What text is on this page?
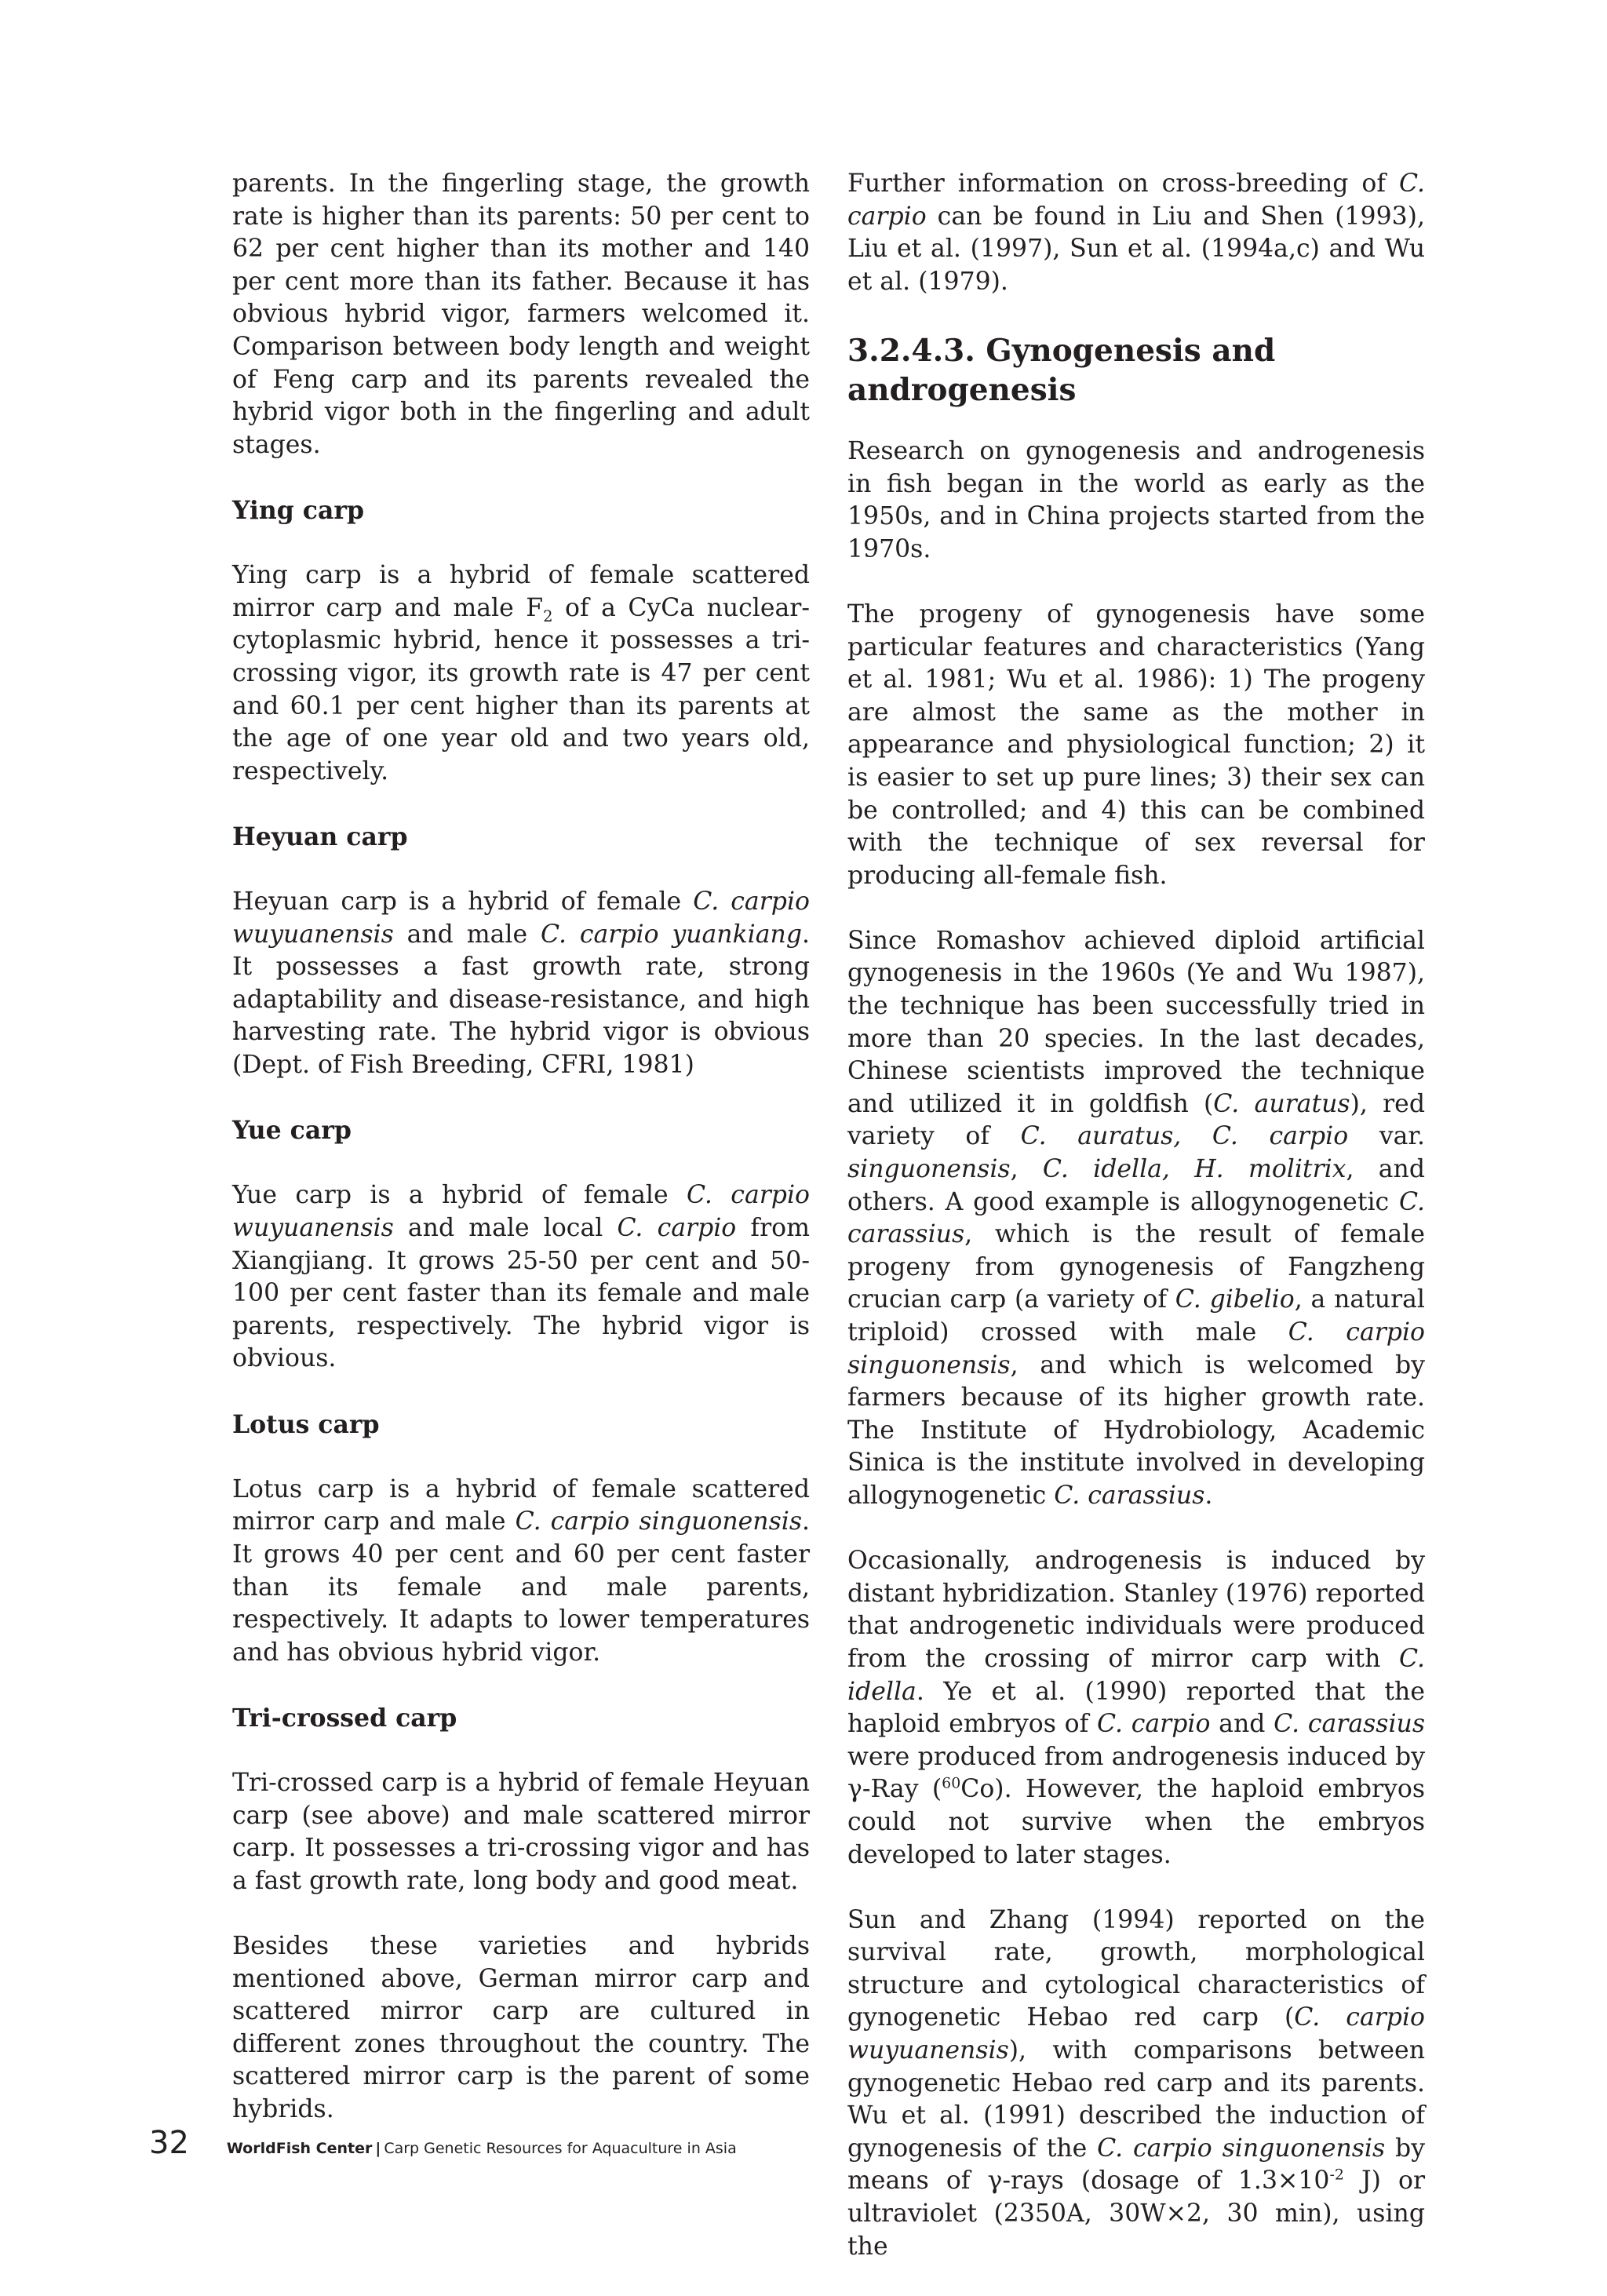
parents. In the fingerling stage, the growth rate is higher than its parents: 50 per cent to 62 per cent higher than its mother and 140 per cent more than its father. Because it has obvious hybrid vigor, farmers welcomed it. Comparison between body length and weight of Feng carp and its parents revealed the hybrid vigor both in the fingerling and adult stages.

Ying carp

Ying carp is a hybrid of female scattered mirror carp and male $F_2$ of a CyCa nuclear-cytoplasmic hybrid, hence it possesses a tri-crossing vigor, its growth rate is 47 per cent and 60.1 per cent higher than its parents at the age of one year old and two years old, respectively.

Heyuan carp

Heyuan carp is a hybrid of female C. carpio wuyuanensis and male C. carpio yuankiang. It possesses a fast growth rate, strong adaptability and disease-resistance, and high harvesting rate. The hybrid vigor is obvious (Dept. of Fish Breeding, CFRI, 1981)

Yue carp

Yue carp is a hybrid of female C. carpio wuyuanensis and male local C. carpio from Xiangjiang. It grows 25-50 per cent and 50-100 per cent faster than its female and male parents, respectively. The hybrid vigor is obvious.

Lotus carp

Lotus carp is a hybrid of female scattered mirror carp and male C. carpio singuonensis. It grows 40 per cent and 60 per cent faster than its female and male parents, respectively. It adapts to lower temperatures and has obvious hybrid vigor.

Tri-crossed carp

Tri-crossed carp is a hybrid of female Heyuan carp (see above) and male scattered mirror carp. It possesses a tri-crossing vigor and has a fast growth rate, long body and good meat.

Besides these varieties and hybrids mentioned above, German mirror carp and scattered mirror carp are cultured in different zones throughout the country. The scattered mirror carp is the parent of some hybrids.

Further information on cross-breeding of C. carpio can be found in Liu and Shen (1993), Liu et al. (1997), Sun et al. (1994a,c) and Wu et al. (1979).

3.2.4.3. Gynogenesis and androgenesis

Research on gynogenesis and androgenesis in fish began in the world as early as the 1950s, and in China projects started from the 1970s.

The progeny of gynogenesis have some particular features and characteristics (Yang et al. 1981; Wu et al. 1986): 1) The progeny are almost the same as the mother in appearance and physiological function; 2) it is easier to set up pure lines; 3) their sex can be controlled; and 4) this can be combined with the technique of sex reversal for producing all-female fish.

Since Romashov achieved diploid artificial gynogenesis in the 1960s (Ye and Wu 1987), the technique has been successfully tried in more than 20 species. In the last decades, Chinese scientists improved the technique and utilized it in goldfish (C. auratus), red variety of C. auratus, C. carpio var. singuonensis, C. idella, H. molitrix, and others. A good example is allogynogenetic C. carassius, which is the result of female progeny from gynogenesis of Fangzheng crucian carp (a variety of C. gibelio, a natural triploid) crossed with male C. carpio singuonensis, and which is welcomed by farmers because of its higher growth rate. The Institute of Hydrobiology, Academic Sinica is the institute involved in developing allogynogenetic C. carassius.

Occasionally, androgenesis is induced by distant hybridization. Stanley (1976) reported that androgenetic individuals were produced from the crossing of mirror carp with C. idella. Ye et al. (1990) reported that the haploid embryos of C. carpio and C. carassius were produced from androgenesis induced by γ-Ray ($^{60}$Co). However, the haploid embryos could not survive when the embryos developed to later stages.

Sun and Zhang (1994) reported on the survival rate, growth, morphological structure and cytological characteristics of gynogenetic Hebao red carp (C. carpio wuyuanensis), with comparisons between gynogenetic Hebao red carp and its parents. Wu et al. (1991) described the induction of gynogenesis of the C. carpio singuonensis by means of γ-rays (dosage of $1.3\times 10^{-2}$ J) or ultraviolet (2350A, 30W×2, 30 min), using the

32	WorldFish Center | Carp Genetic Resources for Aquaculture in Asia
